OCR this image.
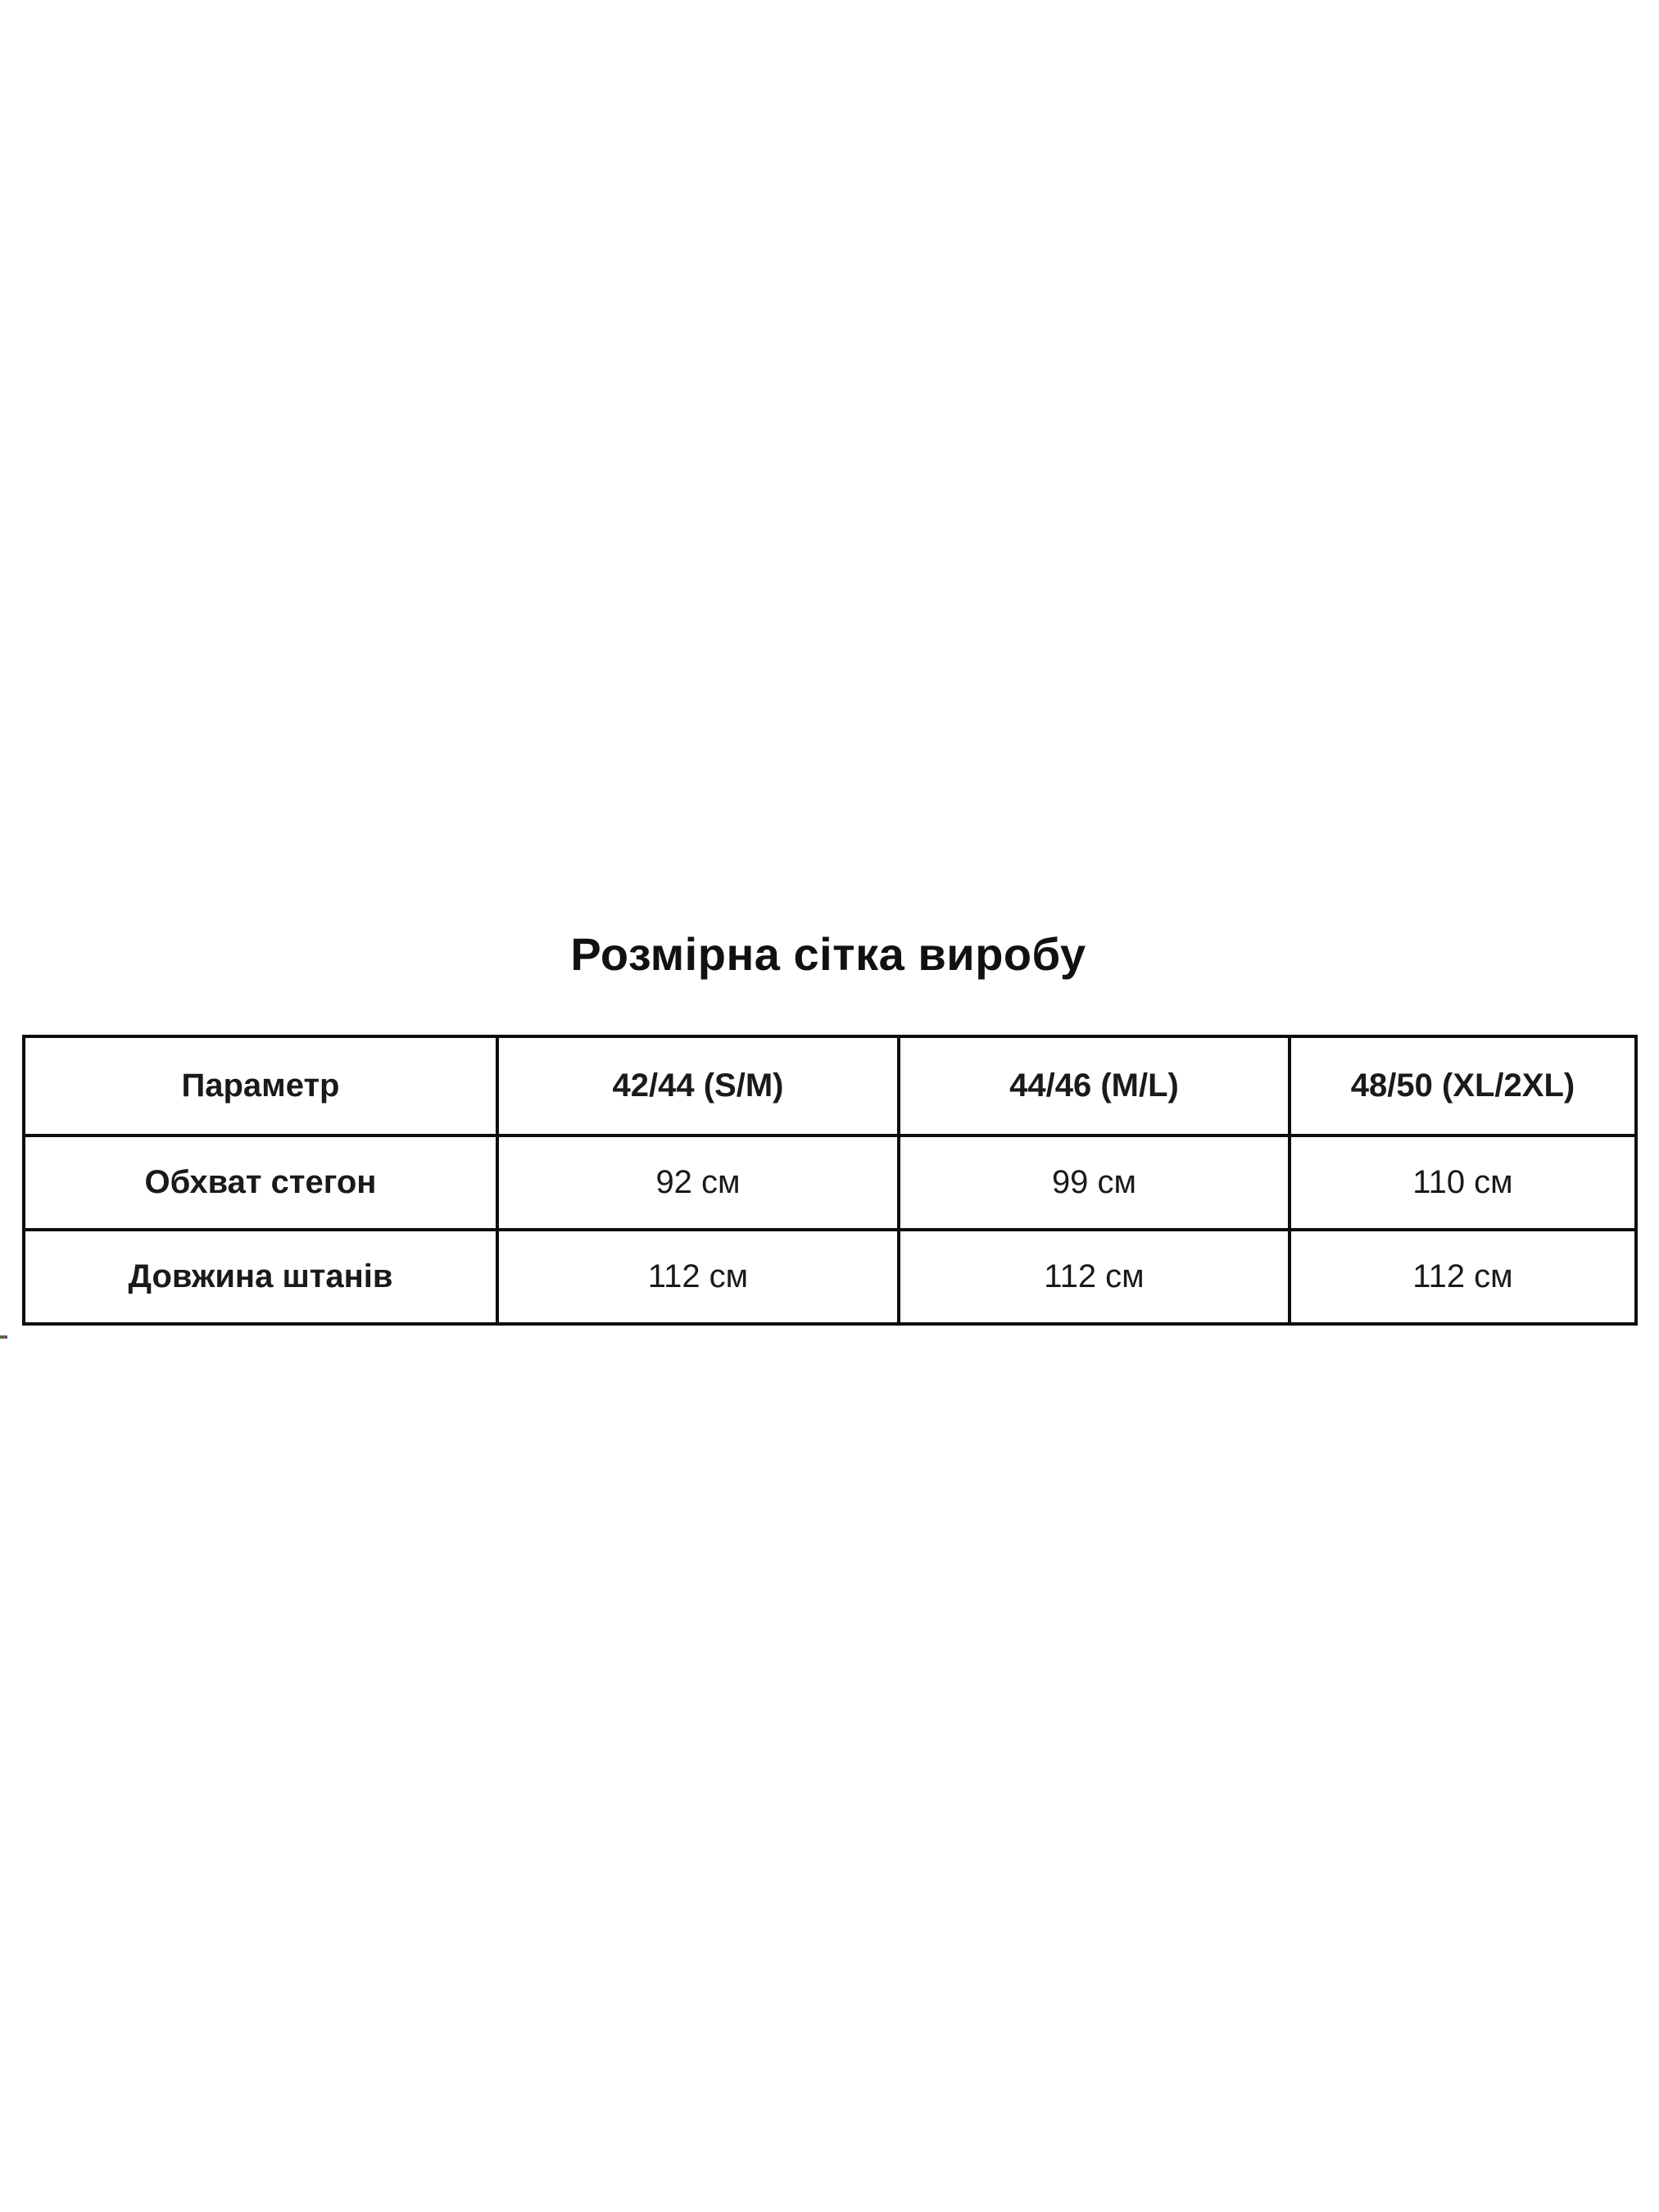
Розмірна сітка виробу
Параметр	42/44 (S/M)	44/46 (M/L)	48/50 (XL/2XL)
Обхват стегон	92 см	99 см	110 см
Довжина штанів	112 см	112 см	112 см
